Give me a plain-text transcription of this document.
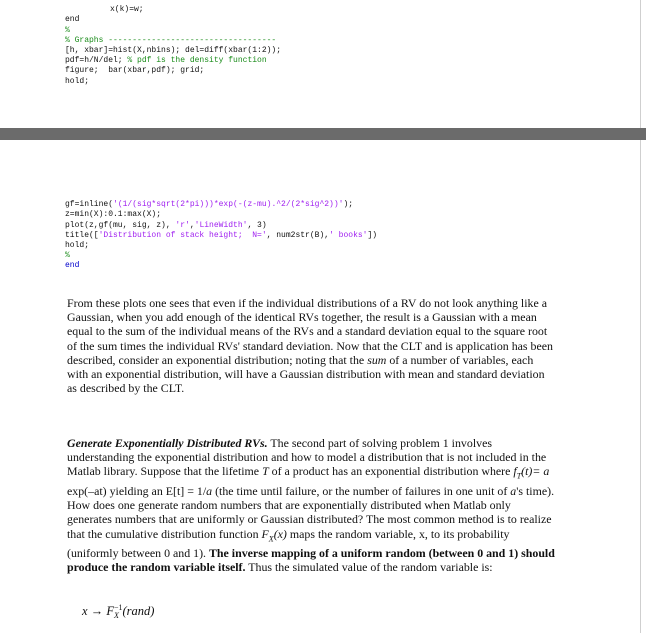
x(k)=w;
end
%
% Graphs -----------------------------------
[h, xbar]=hist(X,nbins); del=diff(xbar(1:2));
pdf=h/N/del; % pdf is the density function
figure;  bar(xbar,pdf); grid;
hold;

gf=inline('(1/(sig*sqrt(2*pi)))*exp(-(z-mu).^2/(2*sig^2))');
z=min(X):0.1:max(X);
plot(z,gf(mu, sig, z), 'r','LineWidth', 3)
title(['Distribution of stack height;  N=', num2str(B),' books'])
hold;
%
end

From these plots one sees that even if the individual distributions of a RV do not look anything like a Gaussian, when you add enough of the identical RVs together, the result is a Gaussian with a mean equal to the sum of the individual means of the RVs and a standard deviation equal to the square root of the sum times the individual RVs' standard deviation. Now that the CLT and is application has been described, consider an exponential distribution; noting that the sum of a number of variables, each with an exponential distribution, will have a Gaussian distribution with mean and standard deviation as described by the CLT.

Generate Exponentially Distributed RVs. The second part of solving problem 1 involves understanding the exponential distribution and how to model a distribution that is not included in the Matlab library. Suppose that the lifetime T of a product has an exponential distribution where $f_T(t)= a$ exp(–at) yielding an E[t] = 1/a (the time until failure, or the number of failures in one unit of a's time). How does one generate random numbers that are exponentially distributed when Matlab only generates numbers that are uniformly or Gaussian distributed? The most common method is to realize that the cumulative distribution function $F_X(x)$ maps the random variable, x, to its probability (uniformly between 0 and 1). The inverse mapping of a uniform random (between 0 and 1) should produce the random variable itself. Thus the simulated value of the random variable is:

x → F −1
X (rand)
